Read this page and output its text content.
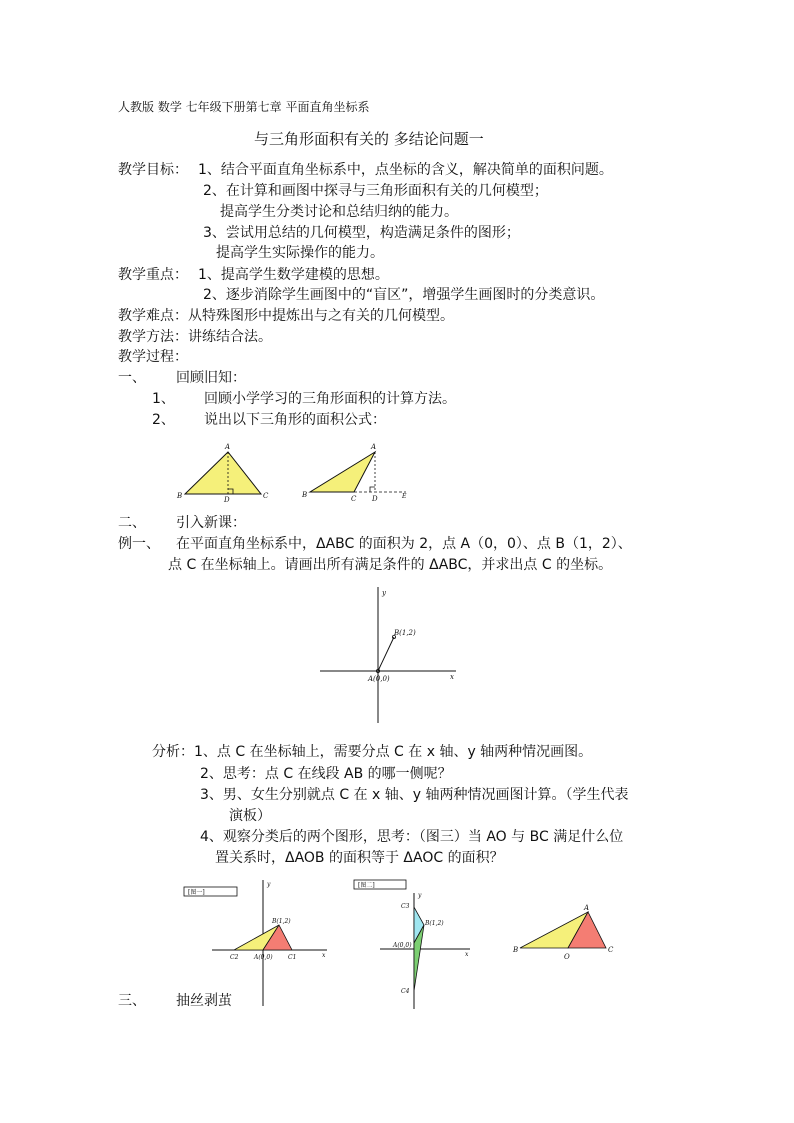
人教版 数学 七年级下册第七章 平面直角坐标系
与三角形面积有关的 多结论问题一
教学目标： 1、结合平面直角坐标系中，点坐标的含义，解决简单的面积问题。
2、在计算和画图中探寻与三角形面积有关的几何模型；
提高学生分类讨论和总结归纳的能力。
3、尝试用总结的几何模型，构造满足条件的图形；
提高学生实际操作的能力。
教学重点： 1、提高学生数学建模的思想。
2、逐步消除学生画图中的“盲区”，增强学生画图时的分类意识。
教学难点：从特殊图形中提炼出与之有关的几何模型。
教学方法：讲练结合法。
教学过程：
一、 回顾旧知：
1、 回顾小学学习的三角形面积的计算方法。
2、 说出以下三角形的面积公式：
A
B	C
D
A
B	C D	E
二、 引入新课：
例一、 在平面直角坐标系中，ΔABC 的面积为 2，点 A（0，0）、点 B（1，2）、
点 C 在坐标轴上。请画出所有满足条件的 ΔABC，并求出点 C 的坐标。
y
x
B(1,2)
A(0,0)
分析：1、点 C 在坐标轴上，需要分点 C 在 x 轴、y 轴两种情况画图。
2、思考：点 C 在线段 AB 的哪一侧呢？
3、男、女生分别就点 C 在 x 轴、y 轴两种情况画图计算。（学生代表
演板）
4、观察分类后的两个图形，思考：（图三）当 AO 与 BC 满足什么位
置关系时，ΔAOB 的面积等于 ΔAOC 的面积？
[图一]
y
x
B(1,2)
A(0,0)
C2	C1
[图二]
x
y
B(1,2)
A(0,0)
C3
C4
A
B	C
O
三、 抽丝剥茧
